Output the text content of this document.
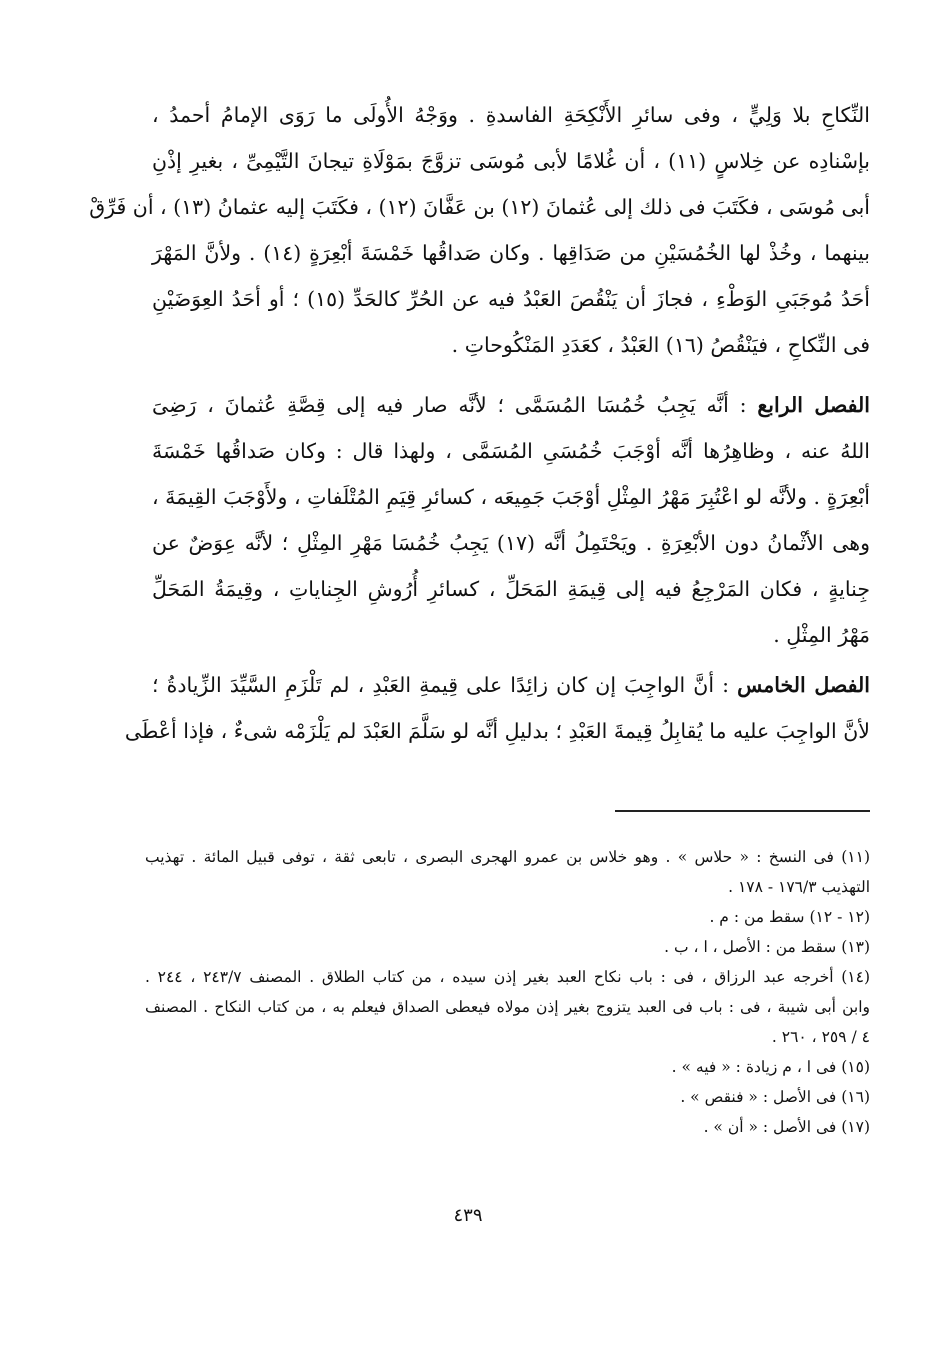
النِّكاحِ بلا وَلِيٍّ ، وفى سائرِ الأَنْكِحَةِ الفاسدةِ . ووَجْهُ الأُولَى ما رَوَى الإمامُ أحمدُ ،
بإسْنادِه عن خِلاسٍ (١١) ، أن غُلامًا لأبى مُوسَى تزوَّجَ بمَوْلَاةِ تيجانَ التَّيْمِىِّ ، بغيرِ إذْنِ
أبى مُوسَى ، فكَتَبَ فى ذلك إلى عُثمانَ (١٢) بن عَفَّانَ (١٢) ، فكَتَبَ إليه عثمانُ (١٣) ، أن فَرِّقْ
بينهما ، وخُذْ لها الخُمُسَيْنِ من صَدَاقِها . وكان صَداقُها خَمْسَةَ أبْعِرَةٍ (١٤) . ولأنَّ المَهْرَ
أحَدُ مُوجَبَىِ الوَطْءِ ، فجازَ أن يَنْقُصَ العَبْدُ فيه عن الحُرِّ كالحَدِّ (١٥) ؛ أو أحَدُ العِوَضَيْنِ
فى النِّكاحِ ، فيَنْقُصُ (١٦) العَبْدُ ، كعَدَدِ المَنْكُوحاتِ .
الفصل الرابع : أنَّه يَجِبُ خُمُسَا المُسَمَّى ؛ لأنَّه صار فيه إلى قِصَّةِ عُثمانَ ، رَضِىَ
اللهُ عنه ، وظاهِرُها أنَّه أوْجَبَ خُمُسَىِ المُسَمَّى ، ولهذا قال : وكان صَداقُها خَمْسَةَ
أبْعِرَةٍ . ولأنَّه لو اعْتُبِرَ مَهْرُ المِثْلِ أوْجَبَ جَمِيعَه ، كسائرِ قِيَمِ المُتْلَفاتِ ، ولأَوْجَبَ القِيمَةَ ،
وهى الأثْمانُ دون الأبْعِرَةِ . ويَحْتَمِلُ أنَّه (١٧) يَجِبُ خُمُسَا مَهْرِ المِثْلِ ؛ لأنَّه عِوَضٌ عن
جِنايةٍ ، فكان المَرْجِعُ فيه إلى قِيمَةِ المَحَلِّ ، كسائرِ أُرُوشِ الجِناياتِ ، وقِيمَةُ المَحَلِّ
مَهْرُ المِثْلِ .
الفصل الخامس : أنَّ الواجِبَ إن كان زائِدًا على قِيمةِ العَبْدِ ، لم تَلْزَمِ السَّيِّدَ الزِّيادةُ ؛
لأنَّ الواجِبَ عليه ما يُقابِلُ قِيمةَ العَبْدِ ؛ بدليلِ أنَّه لو سَلَّمَ العَبْدَ لم يَلْزَمْه شىءٌ ، فإذا أعْطَى
(١١) فى النسخ : « حلاس » . وهو خلاس بن عمرو الهجرى البصرى ، تابعى ثقة ، توفى قبيل المائة . تهذيب
التهذيب ١٧٦/٣ - ١٧٨ .
(١٢ - ١٢) سقط من : م .
(١٣) سقط من : الأصل ، ا ، ب .
(١٤) أخرجه عبد الرزاق ، فى : باب نكاح العبد بغير إذن سيده ، من كتاب الطلاق . المصنف ٢٤٣/٧ ، ٢٤٤ .
وابن أبى شيبة ، فى : باب فى العبد يتزوج بغير إذن مولاه فيعطى الصداق فيعلم به ، من كتاب النكاح . المصنف
٤ / ٢٥٩ ، ٢٦٠ .
(١٥) فى ا ، م زيادة : « فيه » .
(١٦) فى الأصل : « فنقص » .
(١٧) فى الأصل : « أن » .
٤٣٩
